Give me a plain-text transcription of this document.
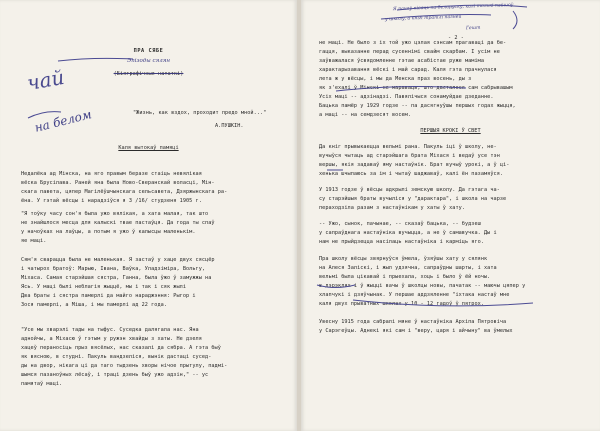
ПРА СЯБЕ
Эпізоды сялян
(Біяграфічныя нататкі)
чай
на белом	"Жизнь, как вздох, проходит предо мной..."
А.ПУШКІН.
Каля вытокаў памяці
Недалёка ад Мінска, на яго правым беразе стаіць невялікая
вёска Брусілава. Раней яна была Ново-Сверанскай воласці, Мін-
скага павета, цяпер Магілёўшчынскага сельсавета, Дзяржынскага ра-
ёна. У гэтай вёсцы і нарадзіўся я 3 /16/ студзеня 1905 г.
"Я тоўку часу сон'я была ужо вялікая, а хата малая, так што
не знайшлося месца для калыскі твае пастаўця. Да года ты спаў
у начоўках на лаўцы, а потым я ужо ў калысцы маленькім.
яе маці.
Сям'я сварацца была не маленькая. Я застаў у хаце двух сясцёр
і чатырох братоў: Марыю, Івана, Ваўка, Уладзіміра, Вольгу,
Міхаса. Самая старэйшая сястра, Ганна, была ўжо ў замужжы на
Ясь. У маці былі неблагія жыццё, мы і так і сяк жылі
Два браты і сястра памерлі да майго нараджэння: Рыгор і
Зося памерлі, а Міша, і мы памерлі ад 22 года.
"Усе мы хварэлі тады на тыфус. Суседка далягала нас. Яна
аднойчы, а Міхасю ў гэтым у ружэн хвайды з хаты. Не дзеля
хацеў пераносіць прыз вясёлых, нас сказалі да сябра. А гэта быў
як вясною, в студні. Пакуль вандзеліся, вынік дастаці сусед-
ды на двор, нікага ці да таго тыдзень хворы нічое прытулу, падмі-
шымся пазаноўных лёсаў, і траці дзень быў ужо адзін," -- ус
памятаў маці.
Я пачаў пісаць па-беларуску, калі толькі пайшоў
у школу, а кнігі трапілі пазней
Гешт
- 2 -
не маці. Не было з іх той ужо цэлая сэнсам прагаваці да бе-
гацця, выказанне перад сусеннімі свайм скарбам. І усім не
заўважалася ўсвядомленне гэтае асабістае руже маміма
характарызавання вёскі і май сарад. Каля гэта прачнулася
лета ж у вёсцы, і мы да Менска праз восень, ды з
як з'ехалі ў Мінскі не мараваць, што дасталося сам сабрывашым
Усіх маці -- адзінадзі. Павялічыся сонамуйдае дзеданне.
Бацька памёр у 1929 годзе -- па дасягнуўшы першых годах жыцця,
а маці -- на семдзесят восем.
ПЕРШЫЯ КРОКІ Ў СВЕТ
Да кніг прывыкаецца вельмі рана. Пакуль іці ў школу, не-
вучыўся чытаць ад старэйшага брата Міхася і ведаў усе тэн
вершы, якія задаваў яму настаўнік. Брат вучыў урокі, а ў ці-
хенька шчыпаюсь за ім і чытаў шаджаваў, калі ён пазамяўся.
У 1913 годзе ў вёсцы адкрылі земскую школу. Да гэтага ча-
су старэйшыя браты вучыліся у "дарактара", і школа на чарзе
пераходзіла разам з настаўнікам у хаты ў хату.
-- Ужо, сынок, пачынае, -- сказаў бацька, -- будзеш
у сапраўднага настаўніка вучыцца, а не ў самавучка. Ды і
нам не прыйдзецца насілаць настаўніка і карміць яго.
Пра школу вёсцы звярнуўся ўмела, ўзяўшы хату у сялянк
на Алеся Заліскі, і жыл удзячна, сапраўдны шарты, і хата
вельмі была цікавай і прыехала, хоць і было ў ёй ночы.
в дэрэклях і ў жыцці вачы ў школцы новы, пачатак -- маючы цяпер у
хлапчукі і дзяўчынак. У першае аддзяленне "іхтака настаў мне
каля двух прыватных школах у 10 - 12 гадоў ў пятрох.
Увесну 1915 года сабралі мяне ў настаўніка Архіпа Пятровіча
у Сарэгеўцы. Аднекі які сам і "веру, царя і айчыну" ва ўмелых
